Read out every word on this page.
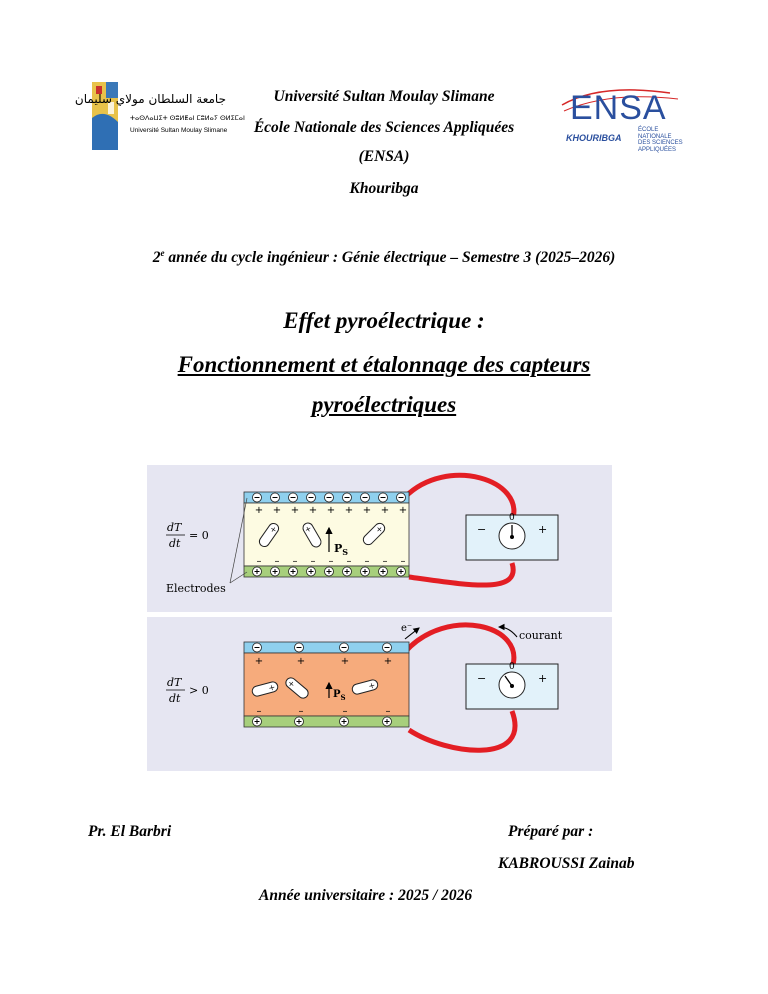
جامعة السلطان مولاي سليمان
ⵜⴰⵙⴷⴰⵡⵉⵜ ⵙⵓⵍⵟⴰⵏ ⵎⵓⵍⴰⵢ ⵙⵍⵉⵎⴰⵏ
Université Sultan Moulay Slimane
ENSA
KHOURIBGA
ÉCOLE
NATIONALE
DES SCIENCES
APPLIQUÉES
Université Sultan Moulay Slimane
École Nationale des Sciences Appliquées
(ENSA)
Khouribga
2e année du cycle ingénieur : Génie électrique – Semestre 3 (2025–2026)
Effet pyroélectrique :
Fonctionnement et étalonnage des capteurs
pyroélectriques
+ + + + + + + + +
– – – – – – – – –
+	+	+
$P_S$
dT
dt
= 0
Electrodes
0
−	+
+	+	+	+
–	–	–	–
+ +	+
$P_S$
dT
dt
> 0
e⁻
courant
0
−	+
Pr. El Barbri	Préparé par :
KABROUSSI Zainab
Année universitaire : 2025 / 2026
